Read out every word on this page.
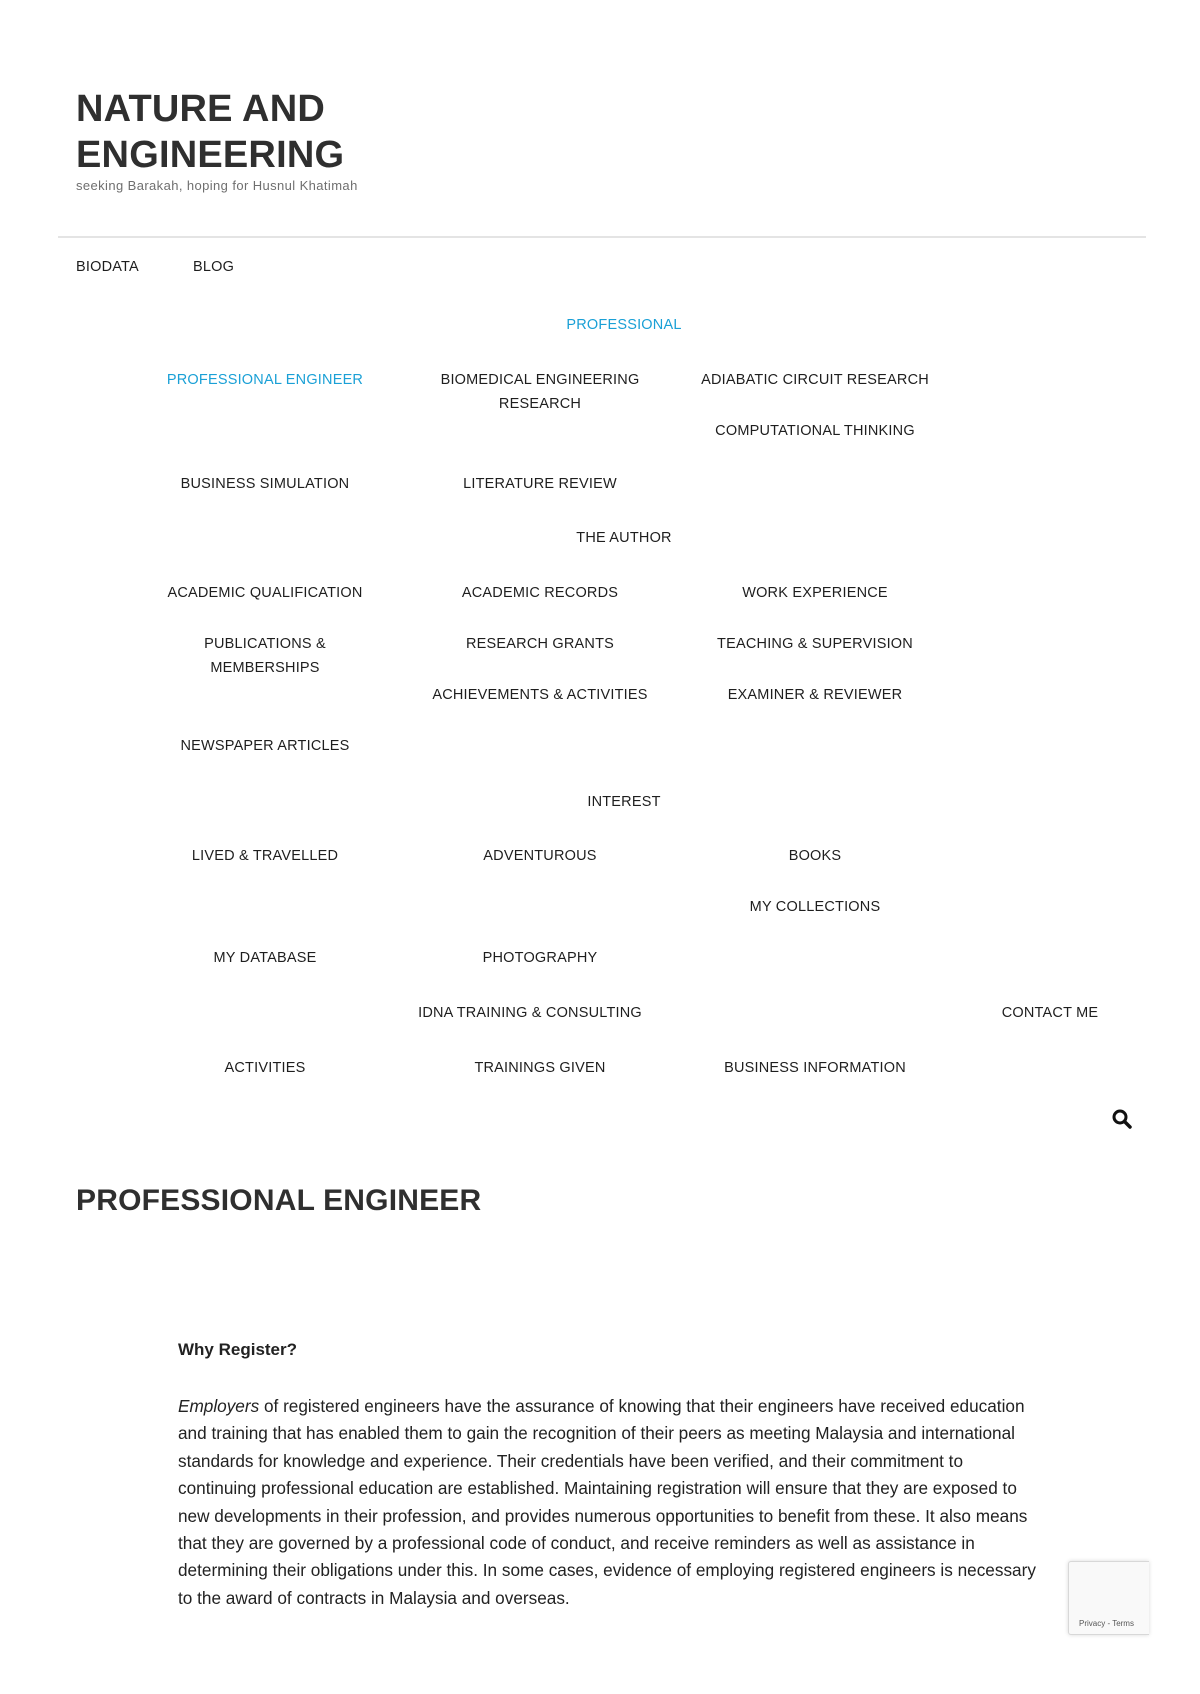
NATURE AND ENGINEERING

seeking Barakah, hoping for Husnul Khatimah

BIODATA	BLOG
PROFESSIONAL
PROFESSIONAL ENGINEER	BIOMEDICAL ENGINEERING RESEARCH
ADIABATIC CIRCUIT RESEARCH
COMPUTATIONAL THINKING
BUSINESS SIMULATION	LITERATURE REVIEW
THE AUTHOR
ACADEMIC QUALIFICATION	ACADEMIC RECORDS	WORK EXPERIENCE
PUBLICATIONS & MEMBERSHIPS
RESEARCH GRANTS	TEACHING & SUPERVISION
ACHIEVEMENTS & ACTIVITIES	EXAMINER & REVIEWER
NEWSPAPER ARTICLES
INTEREST
LIVED & TRAVELLED	ADVENTUROUS	BOOKS
MY COLLECTIONS
MY DATABASE	PHOTOGRAPHY
IDNA TRAINING & CONSULTING	CONTACT ME
ACTIVITIES	TRAININGS GIVEN	BUSINESS INFORMATION
PROFESSIONAL ENGINEER
Why Register?

Employers of registered engineers have the assurance of knowing that their engineers have received education and training that has enabled them to gain the recognition of their peers as meeting Malaysia and international standards for knowledge and experience. Their credentials have been verified, and their commitment to continuing professional education are established. Maintaining registration will ensure that they are exposed to new developments in their profession, and provides numerous opportunities to benefit from these. It also means that they are governed by a professional code of conduct, and receive reminders as well as assistance in determining their obligations under this. In some cases, evidence of employing registered engineers is necessary to the award of contracts in Malaysia and overseas.

Privacy - Terms
